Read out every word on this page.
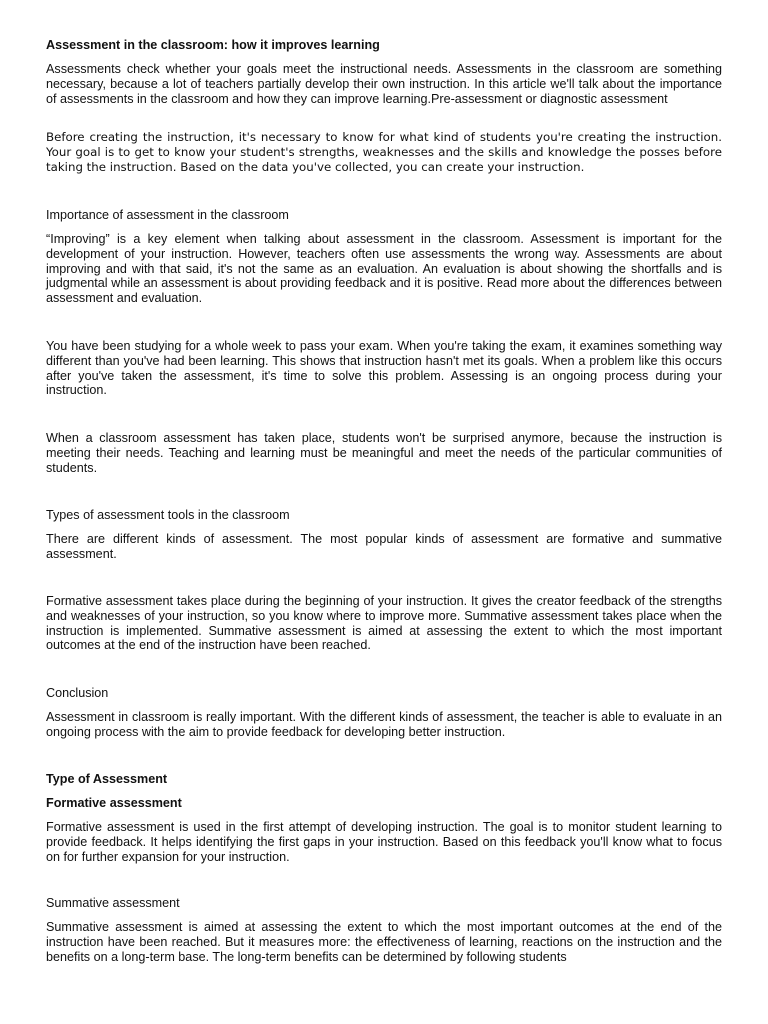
Assessment in the classroom: how it improves learning

Assessments check whether your goals meet the instructional needs. Assessments in the classroom are something necessary, because a lot of teachers partially develop their own instruction. In this article we'll talk about the importance of assessments in the classroom and how they can improve learning.Pre-assessment or diagnostic assessment

Before creating the instruction, it's necessary to know for what kind of students you're creating the instruction. Your goal is to get to know your student's strengths, weaknesses and the skills and knowledge the posses before taking the instruction. Based on the data you've collected, you can create your instruction.

Importance of assessment in the classroom

“Improving” is a key element when talking about assessment in the classroom. Assessment is important for the development of your instruction. However, teachers often use assessments the wrong way. Assessments are about improving and with that said, it's not the same as an evaluation. An evaluation is about showing the shortfalls and is judgmental while an assessment is about providing feedback and it is positive. Read more about the differences between assessment and evaluation.

You have been studying for a whole week to pass your exam. When you're taking the exam, it examines something way different than you've had been learning. This shows that instruction hasn't met its goals. When a problem like this occurs after you've taken the assessment, it's time to solve this problem. Assessing is an ongoing process during your instruction.

When a classroom assessment has taken place, students won't be surprised anymore, because the instruction is meeting their needs. Teaching and learning must be meaningful and meet the needs of the particular communities of students.

Types of assessment tools in the classroom

There are different kinds of assessment. The most popular kinds of assessment are formative and summative assessment.

Formative assessment takes place during the beginning of your instruction. It gives the creator feedback of the strengths and weaknesses of your instruction, so you know where to improve more. Summative assessment takes place when the instruction is implemented. Summative assessment is aimed at assessing the extent to which the most important outcomes at the end of the instruction have been reached.

Conclusion

Assessment in classroom is really important. With the different kinds of assessment, the teacher is able to evaluate in an ongoing process with the aim to provide feedback for developing better instruction.

Type of Assessment
Formative assessment

Formative assessment is used in the first attempt of developing instruction. The goal is to monitor student learning to provide feedback. It helps identifying the first gaps in your instruction. Based on this feedback you'll know what to focus on for further expansion for your instruction.

Summative assessment

Summative assessment is aimed at assessing the extent to which the most important outcomes at the end of the instruction have been reached. But it measures more: the effectiveness of learning, reactions on the instruction and the benefits on a long-term base. The long-term benefits can be determined by following students
